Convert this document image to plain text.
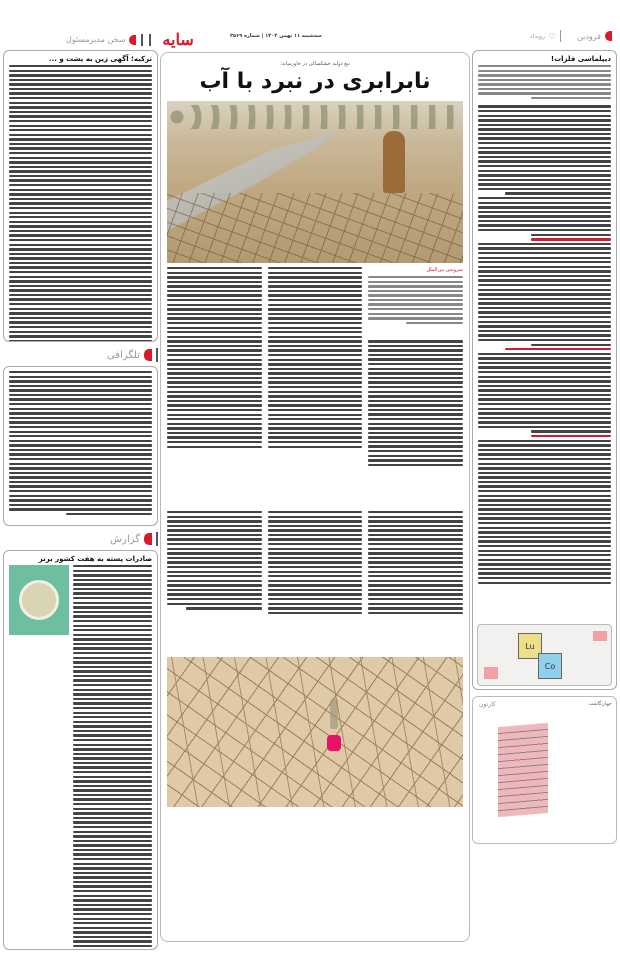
فرودین
♡
رویداد
سه‌شنبه ۱۱ بهمن ۱۴۰۲ | شماره ۲۵۶۹
سایه
سخن مدیرمسئول
دیپلماسی فلزات!
Lu
Co
جهان‌گاشت
کارتون
تیغ دولبه خشکسالی در خاورمیانه؛
نابرابری در نبرد با آب
سرویس بین‌الملل
ترکیه؛ آگهی زین به پشت و ...
تلگرافی
گزارش
صادرات پسته به هفت کشور برتر
